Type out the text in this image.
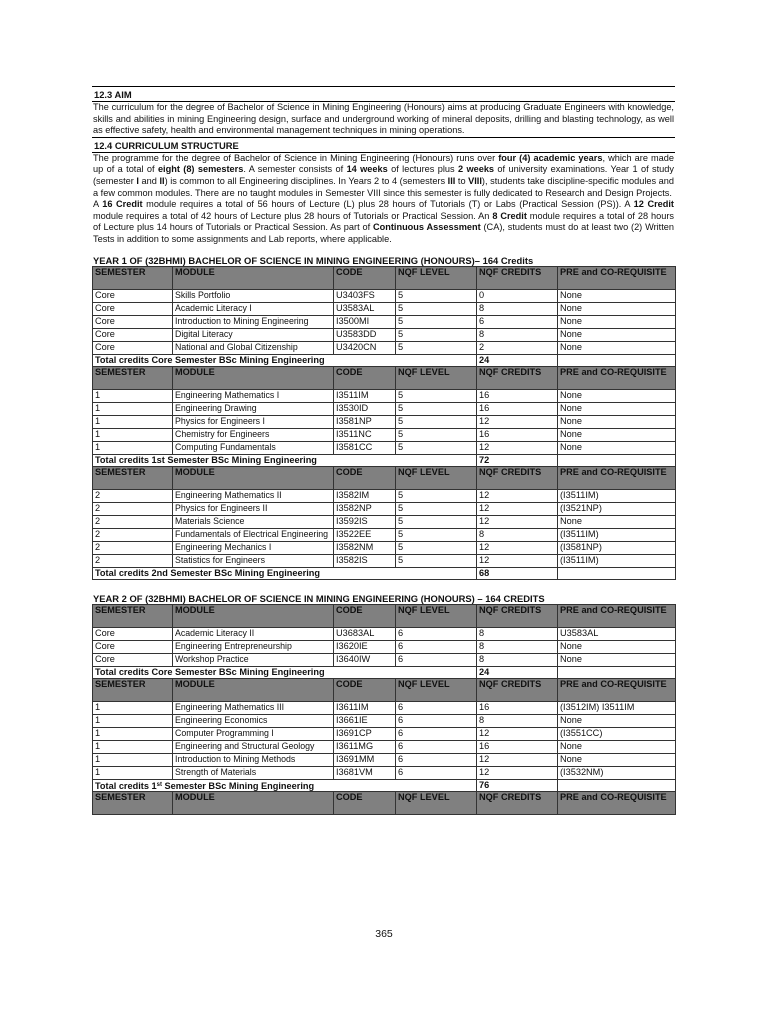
12.3 AIM

The curriculum for the degree of Bachelor of Science in Mining Engineering (Honours) aims at producing Graduate Engineers with knowledge, skills and abilities in mining Engineering design, surface and underground working of mineral deposits, drilling and blasting technology, as well as effective safety, health and environmental management techniques in mining operations.

12.4 CURRICULUM STRUCTURE

The programme for the degree of Bachelor of Science in Mining Engineering (Honours) runs over four (4) academic years, which are made up of a total of eight (8) semesters. A semester consists of 14 weeks of lectures plus 2 weeks of university examinations. Year 1 of study (semester I and II) is common to all Engineering disciplines. In Years 2 to 4 (semesters III to VIII), students take discipline-specific modules and a few common modules. There are no taught modules in Semester VIII since this semester is fully dedicated to Research and Design Projects.

A 16 Credit module requires a total of 56 hours of Lecture (L) plus 28 hours of Tutorials (T) or Labs (Practical Session (PS)). A 12 Credit module requires a total of 42 hours of Lecture plus 28 hours of Tutorials or Practical Session. An 8 Credit module requires a total of 28 hours of Lecture plus 14 hours of Tutorials or Practical Session. As part of Continuous Assessment (CA), students must do at least two (2) Written Tests in addition to some assignments and Lab reports, where applicable.

YEAR 1 OF (32BHMI) BACHELOR OF SCIENCE IN MINING ENGINEERING (HONOURS)– 164 Credits

SEMESTER	MODULE	CODE	NQF LEVEL	NQF CREDITS	PRE and CO-REQUISITE
Core	Skills Portfolio	U3403FS	5	0	None
Core	Academic Literacy I	U3583AL	5	8	None
Core	Introduction to Mining Engineering	I3500MI	5	6	None
Core	Digital Literacy	U3583DD	5	8	None
Core	National and Global Citizenship	U3420CN	5	2	None
Total credits Core Semester BSc Mining Engineering				24	
SEMESTER	MODULE	CODE	NQF LEVEL	NQF CREDITS	PRE and CO-REQUISITE
1	Engineering Mathematics I	I3511IM	5	16	None
1	Engineering Drawing	I3530ID	5	16	None
1	Physics for Engineers I	I3581NP	5	12	None
1	Chemistry for Engineers	I3511NC	5	16	None
1	Computing Fundamentals	I3581CC	5	12	None
Total credits 1st Semester BSc Mining Engineering				72	
SEMESTER	MODULE	CODE	NQF LEVEL	NQF CREDITS	PRE and CO-REQUISITE
2	Engineering Mathematics II	I3582IM	5	12	(I3511IM)
2	Physics for Engineers II	I3582NP	5	12	(I3521NP)
2	Materials Science	I3592IS	5	12	None
2	Fundamentals of Electrical Engineering	I3522EE	5	8	(I3511IM)
2	Engineering Mechanics I	I3582NM	5	12	(I3581NP)
2	Statistics for Engineers	I3582IS	5	12	(I3511IM)
Total credits 2nd Semester BSc Mining Engineering				68	

YEAR 2 OF (32BHMI) BACHELOR OF SCIENCE IN MINING ENGINEERING (HONOURS) – 164 CREDITS

SEMESTER	MODULE	CODE	NQF LEVEL	NQF CREDITS	PRE and CO-REQUISITE
Core	Academic Literacy II	U3683AL	6	8	U3583AL
Core	Engineering Entrepreneurship	I3620IE	6	8	None
Core	Workshop Practice	I3640IW	6	8	None
Total credits Core Semester BSc Mining Engineering				24	
SEMESTER	MODULE	CODE	NQF LEVEL	NQF CREDITS	PRE and CO-REQUISITE
1	Engineering Mathematics III	I3611IM	6	16	(I3512IM) I3511IM
1	Engineering Economics	I3661IE	6	8	None
1	Computer Programming I	I3691CP	6	12	(I3551CC)
1	Engineering and Structural Geology	I3611MG	6	16	None
1	Introduction to Mining Methods	I3691MM	6	12	None
1	Strength of Materials	I3681VM	6	12	(I3532NM)
Total credits 1st Semester BSc Mining Engineering				76	
SEMESTER	MODULE	CODE	NQF LEVEL	NQF CREDITS	PRE and CO-REQUISITE
365
